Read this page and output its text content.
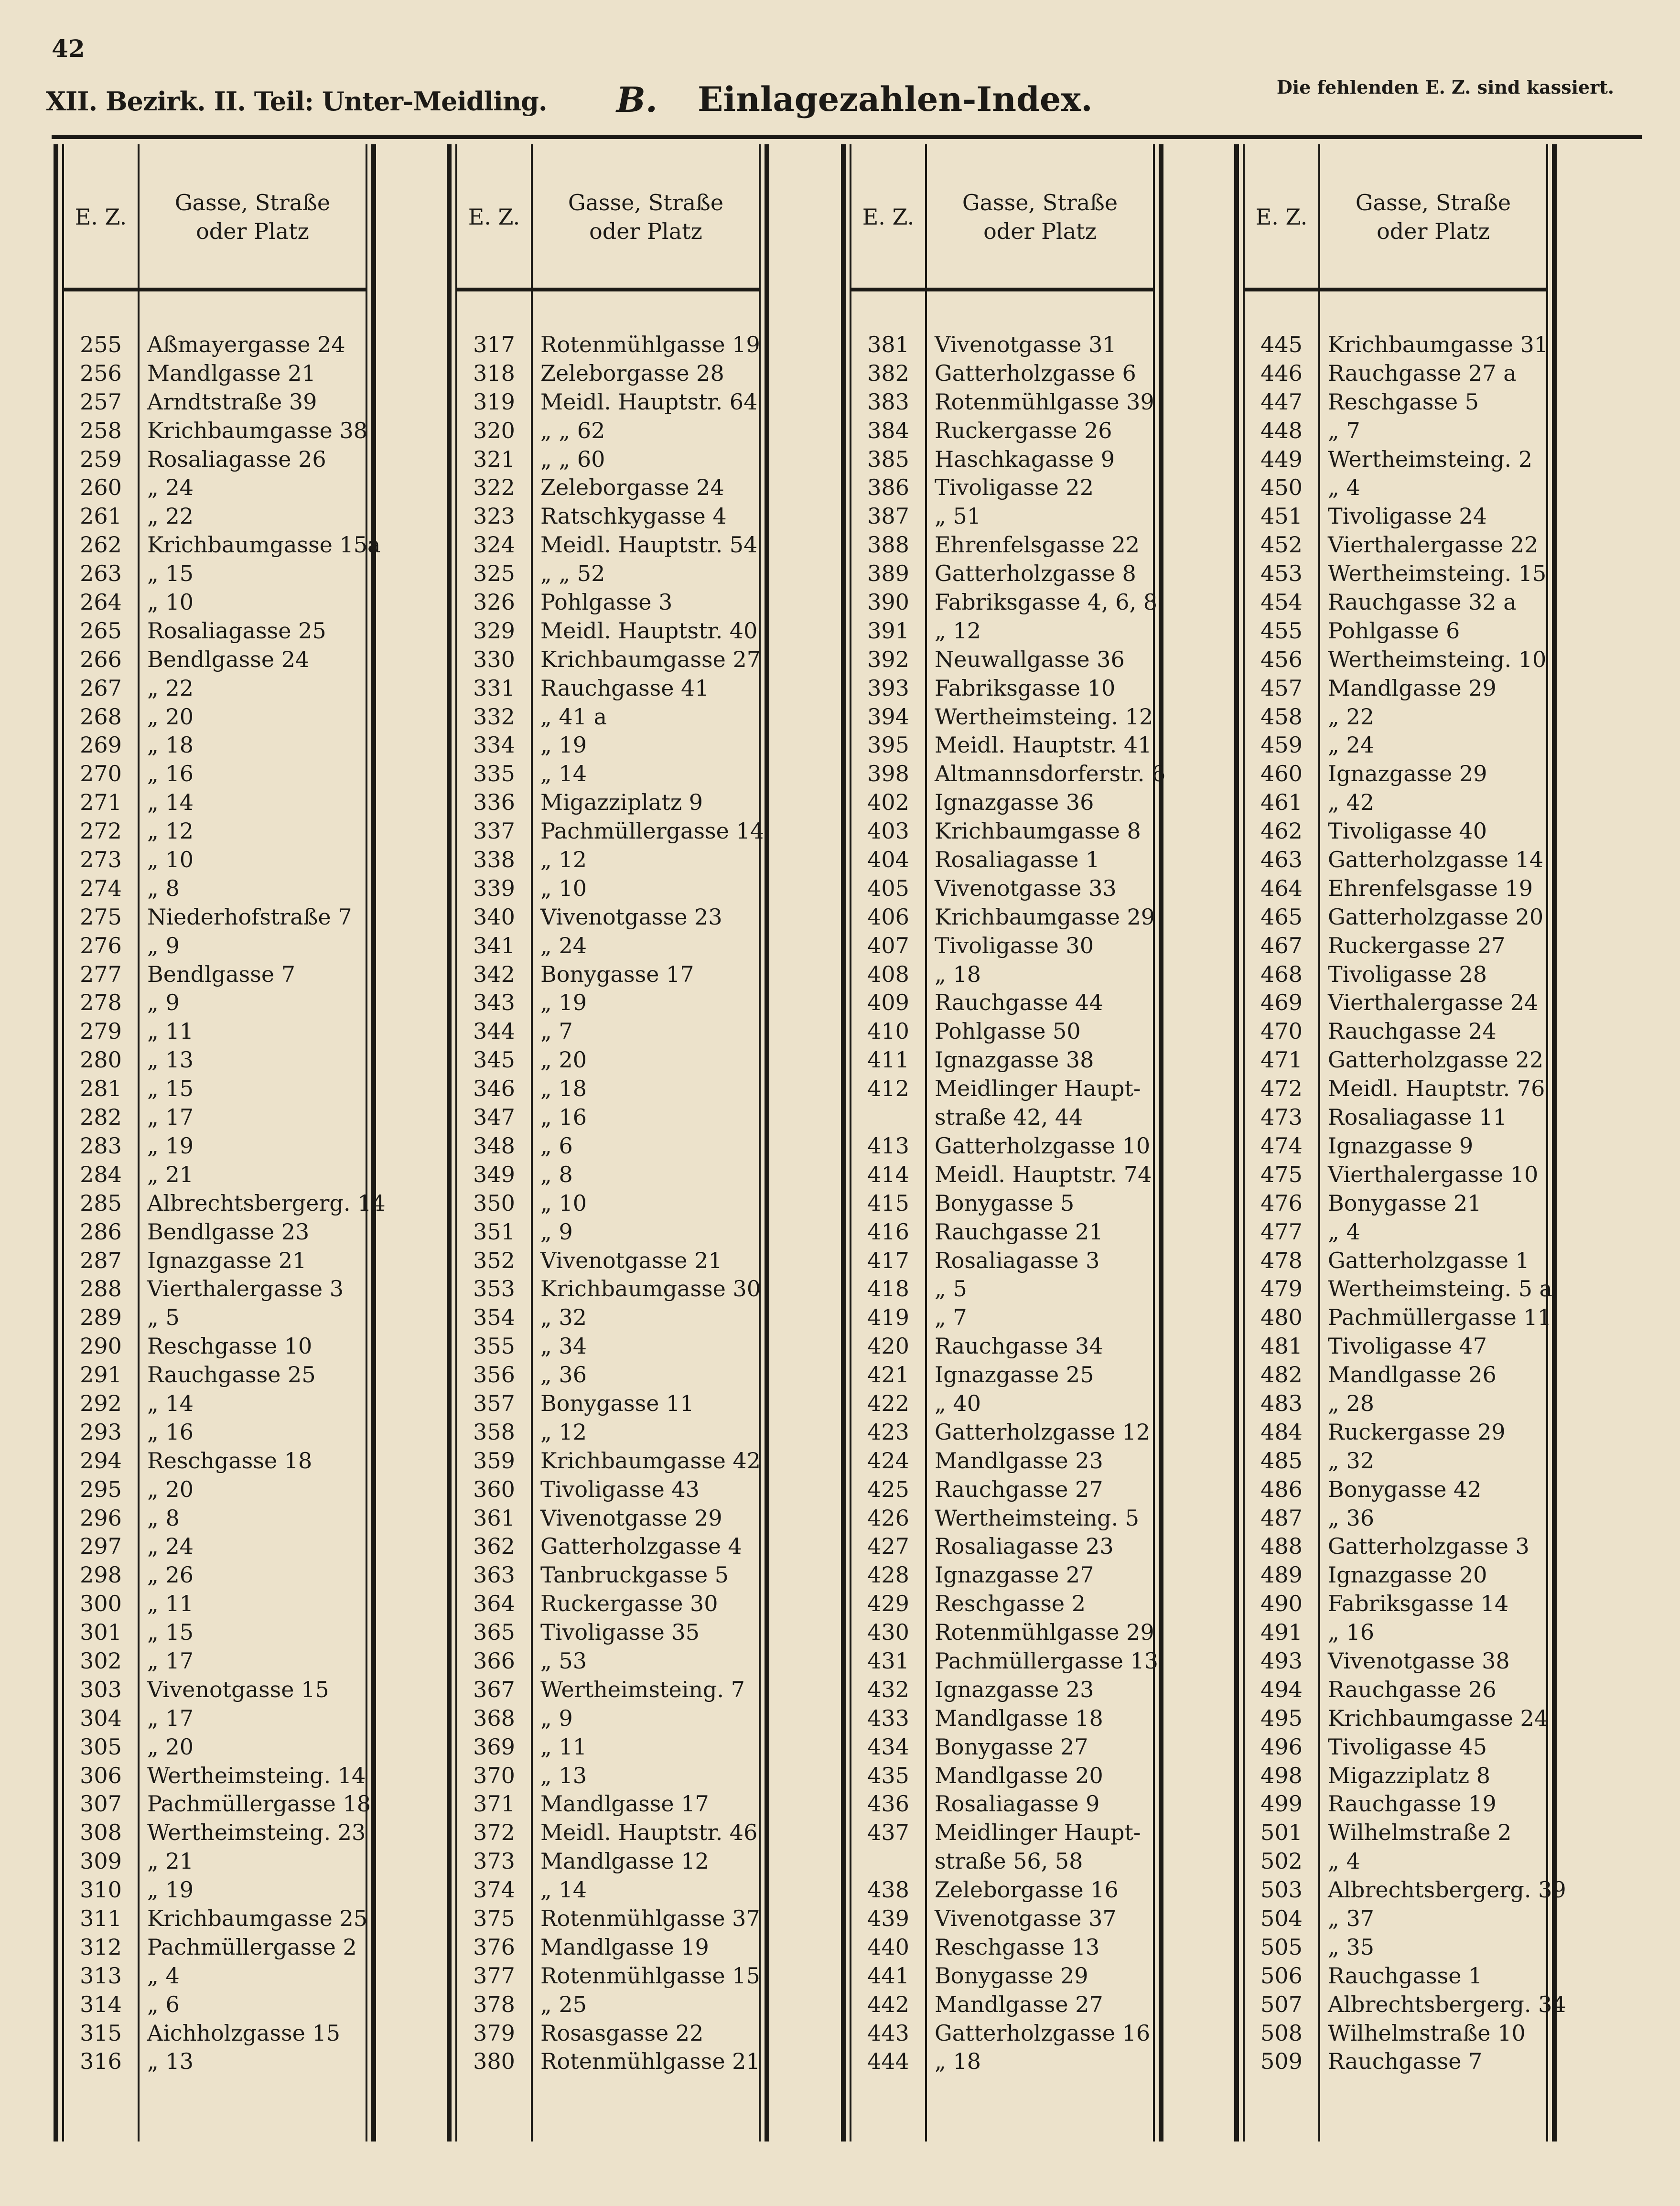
42
XII. Bezirk. II. Teil: Unter-Meidling. B. Einlagezahlen-Index.	Die fehlenden E. Z. sind kassiert.
E. Z.
Gasse, Straße
oder Platz
255	Aßmayergasse 24
256	Mandlgasse 21
257	Arndtstraße 39
258	Krichbaumgasse 38
259	Rosaliagasse 26
260	„ 24
261	„ 22
262	Krichbaumgasse 15a
263	„ 15
264	„ 10
265	Rosaliagasse 25
266	Bendlgasse 24
267	„ 22
268	„ 20
269	„ 18
270	„ 16
271	„ 14
272	„ 12
273	„ 10
274	„ 8
275	Niederhofstraße 7
276	„ 9
277	Bendlgasse 7
278	„ 9
279	„ 11
280	„ 13
281	„ 15
282	„ 17
283	„ 19
284	„ 21
285	Albrechtsbergerg. 14
286	Bendlgasse 23
287	Ignazgasse 21
288	Vierthalergasse 3
289	„ 5
290	Reschgasse 10
291	Rauchgasse 25
292	„ 14
293	„ 16
294	Reschgasse 18
295	„ 20
296	„ 8
297	„ 24
298	„ 26
300	„ 11
301	„ 15
302	„ 17
303	Vivenotgasse 15
304	„ 17
305	„ 20
306	Wertheimsteing. 14
307	Pachmüllergasse 18
308	Wertheimsteing. 23
309	„ 21
310	„ 19
311	Krichbaumgasse 25
312	Pachmüllergasse 2
313	„ 4
314	„ 6
315	Aichholzgasse 15
316	„ 13
E. Z.
Gasse, Straße
oder Platz
317	Rotenmühlgasse 19
318	Zeleborgasse 28
319	Meidl. Hauptstr. 64
320	„ „ 62
321	„ „ 60
322	Zeleborgasse 24
323	Ratschkygasse 4
324	Meidl. Hauptstr. 54
325	„ „ 52
326	Pohlgasse 3
329	Meidl. Hauptstr. 40
330	Krichbaumgasse 27
331	Rauchgasse 41
332	„ 41 a
334	„ 19
335	„ 14
336	Migazziplatz 9
337	Pachmüllergasse 14
338	„ 12
339	„ 10
340	Vivenotgasse 23
341	„ 24
342	Bonygasse 17
343	„ 19
344	„ 7
345	„ 20
346	„ 18
347	„ 16
348	„ 6
349	„ 8
350	„ 10
351	„ 9
352	Vivenotgasse 21
353	Krichbaumgasse 30
354	„ 32
355	„ 34
356	„ 36
357	Bonygasse 11
358	„ 12
359	Krichbaumgasse 42
360	Tivoligasse 43
361	Vivenotgasse 29
362	Gatterholzgasse 4
363	Tanbruckgasse 5
364	Ruckergasse 30
365	Tivoligasse 35
366	„ 53
367	Wertheimsteing. 7
368	„ 9
369	„ 11
370	„ 13
371	Mandlgasse 17
372	Meidl. Hauptstr. 46
373	Mandlgasse 12
374	„ 14
375	Rotenmühlgasse 37
376	Mandlgasse 19
377	Rotenmühlgasse 15
378	„ 25
379	Rosasgasse 22
380	Rotenmühlgasse 21
E. Z.
Gasse, Straße
oder Platz
381	Vivenotgasse 31
382	Gatterholzgasse 6
383	Rotenmühlgasse 39
384	Ruckergasse 26
385	Haschkagasse 9
386	Tivoligasse 22
387	„ 51
388	Ehrenfelsgasse 22
389	Gatterholzgasse 8
390	Fabriksgasse 4, 6, 8
391	„ 12
392	Neuwallgasse 36
393	Fabriksgasse 10
394	Wertheimsteing. 12
395	Meidl. Hauptstr. 41
398	Altmannsdorferstr. 6
402	Ignazgasse 36
403	Krichbaumgasse 8
404	Rosaliagasse 1
405	Vivenotgasse 33
406	Krichbaumgasse 29
407	Tivoligasse 30
408	„ 18
409	Rauchgasse 44
410	Pohlgasse 50
411	Ignazgasse 38
412	Meidlinger Haupt-
straße 42, 44
413	Gatterholzgasse 10
414	Meidl. Hauptstr. 74
415	Bonygasse 5
416	Rauchgasse 21
417	Rosaliagasse 3
418	„ 5
419	„ 7
420	Rauchgasse 34
421	Ignazgasse 25
422	„ 40
423	Gatterholzgasse 12
424	Mandlgasse 23
425	Rauchgasse 27
426	Wertheimsteing. 5
427	Rosaliagasse 23
428	Ignazgasse 27
429	Reschgasse 2
430	Rotenmühlgasse 29
431	Pachmüllergasse 13
432	Ignazgasse 23
433	Mandlgasse 18
434	Bonygasse 27
435	Mandlgasse 20
436	Rosaliagasse 9
437	Meidlinger Haupt-
straße 56, 58
438	Zeleborgasse 16
439	Vivenotgasse 37
440	Reschgasse 13
441	Bonygasse 29
442	Mandlgasse 27
443	Gatterholzgasse 16
444	„ 18
E. Z.
Gasse, Straße
oder Platz
445	Krichbaumgasse 31
446	Rauchgasse 27 a
447	Reschgasse 5
448	„ 7
449	Wertheimsteing. 2
450	„ 4
451	Tivoligasse 24
452	Vierthalergasse 22
453	Wertheimsteing. 15
454	Rauchgasse 32 a
455	Pohlgasse 6
456	Wertheimsteing. 10
457	Mandlgasse 29
458	„ 22
459	„ 24
460	Ignazgasse 29
461	„ 42
462	Tivoligasse 40
463	Gatterholzgasse 14
464	Ehrenfelsgasse 19
465	Gatterholzgasse 20
467	Ruckergasse 27
468	Tivoligasse 28
469	Vierthalergasse 24
470	Rauchgasse 24
471	Gatterholzgasse 22
472	Meidl. Hauptstr. 76
473	Rosaliagasse 11
474	Ignazgasse 9
475	Vierthalergasse 10
476	Bonygasse 21
477	„ 4
478	Gatterholzgasse 1
479	Wertheimsteing. 5 a
480	Pachmüllergasse 11
481	Tivoligasse 47
482	Mandlgasse 26
483	„ 28
484	Ruckergasse 29
485	„ 32
486	Bonygasse 42
487	„ 36
488	Gatterholzgasse 3
489	Ignazgasse 20
490	Fabriksgasse 14
491	„ 16
493	Vivenotgasse 38
494	Rauchgasse 26
495	Krichbaumgasse 24
496	Tivoligasse 45
498	Migazziplatz 8
499	Rauchgasse 19
501	Wilhelmstraße 2
502	„ 4
503	Albrechtsbergerg. 39
504	„ 37
505	„ 35
506	Rauchgasse 1
507	Albrechtsbergerg. 34
508	Wilhelmstraße 10
509	Rauchgasse 7
